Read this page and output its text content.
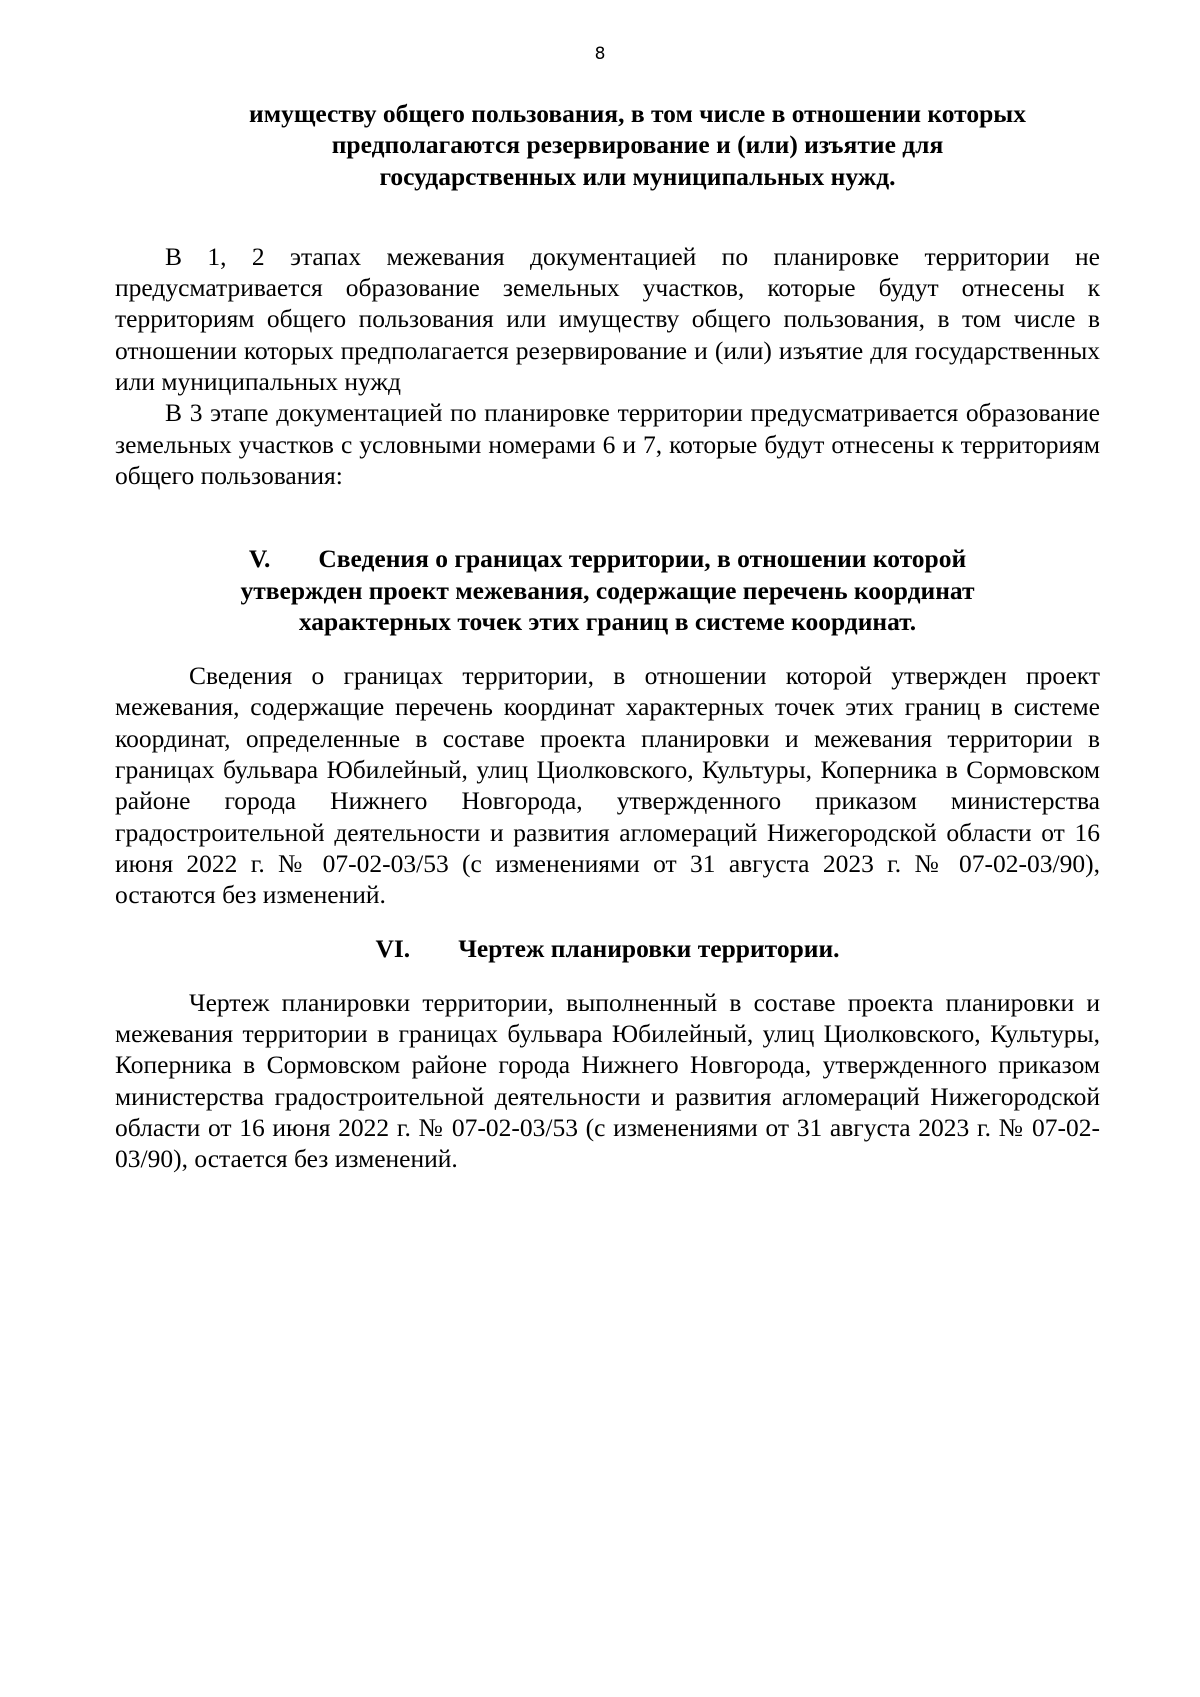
8

имуществу общего пользования, в том числе в отношении которых
предполагаются резервирование и (или) изъятие для
государственных или муниципальных нужд.

В 1, 2 этапах межевания документацией по планировке территории не предусматривается образование земельных участков, которые будут отнесены к территориям общего пользования или имуществу общего пользования, в том числе в отношении которых предполагается резервирование и (или) изъятие для государственных или муниципальных нужд

В 3 этапе документацией по планировке территории предусматривается образование земельных участков с условными номерами 6 и 7, которые будут отнесены к территориям общего пользования:

V. Сведения о границах территории, в отношении которой
утвержден проект межевания, содержащие перечень координат
характерных точек этих границ в системе координат.

Сведения о границах территории, в отношении которой утвержден проект межевания, содержащие перечень координат характерных точек этих границ в системе координат, определенные в составе проекта планировки и межевания территории в границах бульвара Юбилейный, улиц Циолковского, Культуры, Коперника в Сормовском районе города Нижнего Новгорода, утвержденного приказом министерства градостроительной деятельности и развития агломераций Нижегородской области от 16 июня 2022 г. № 07-02-03/53 (с изменениями от 31 августа 2023 г. № 07-02-03/90), остаются без изменений.

VI. Чертеж планировки территории.

Чертеж планировки территории, выполненный в составе проекта планировки и межевания территории в границах бульвара Юбилейный, улиц Циолковского, Культуры, Коперника в Сормовском районе города Нижнего Новгорода, утвержденного приказом министерства градостроительной деятельности и развития агломераций Нижегородской области от 16 июня 2022 г. № 07-02-03/53 (с изменениями от 31 августа 2023 г. № 07-02-03/90), остается без изменений.
